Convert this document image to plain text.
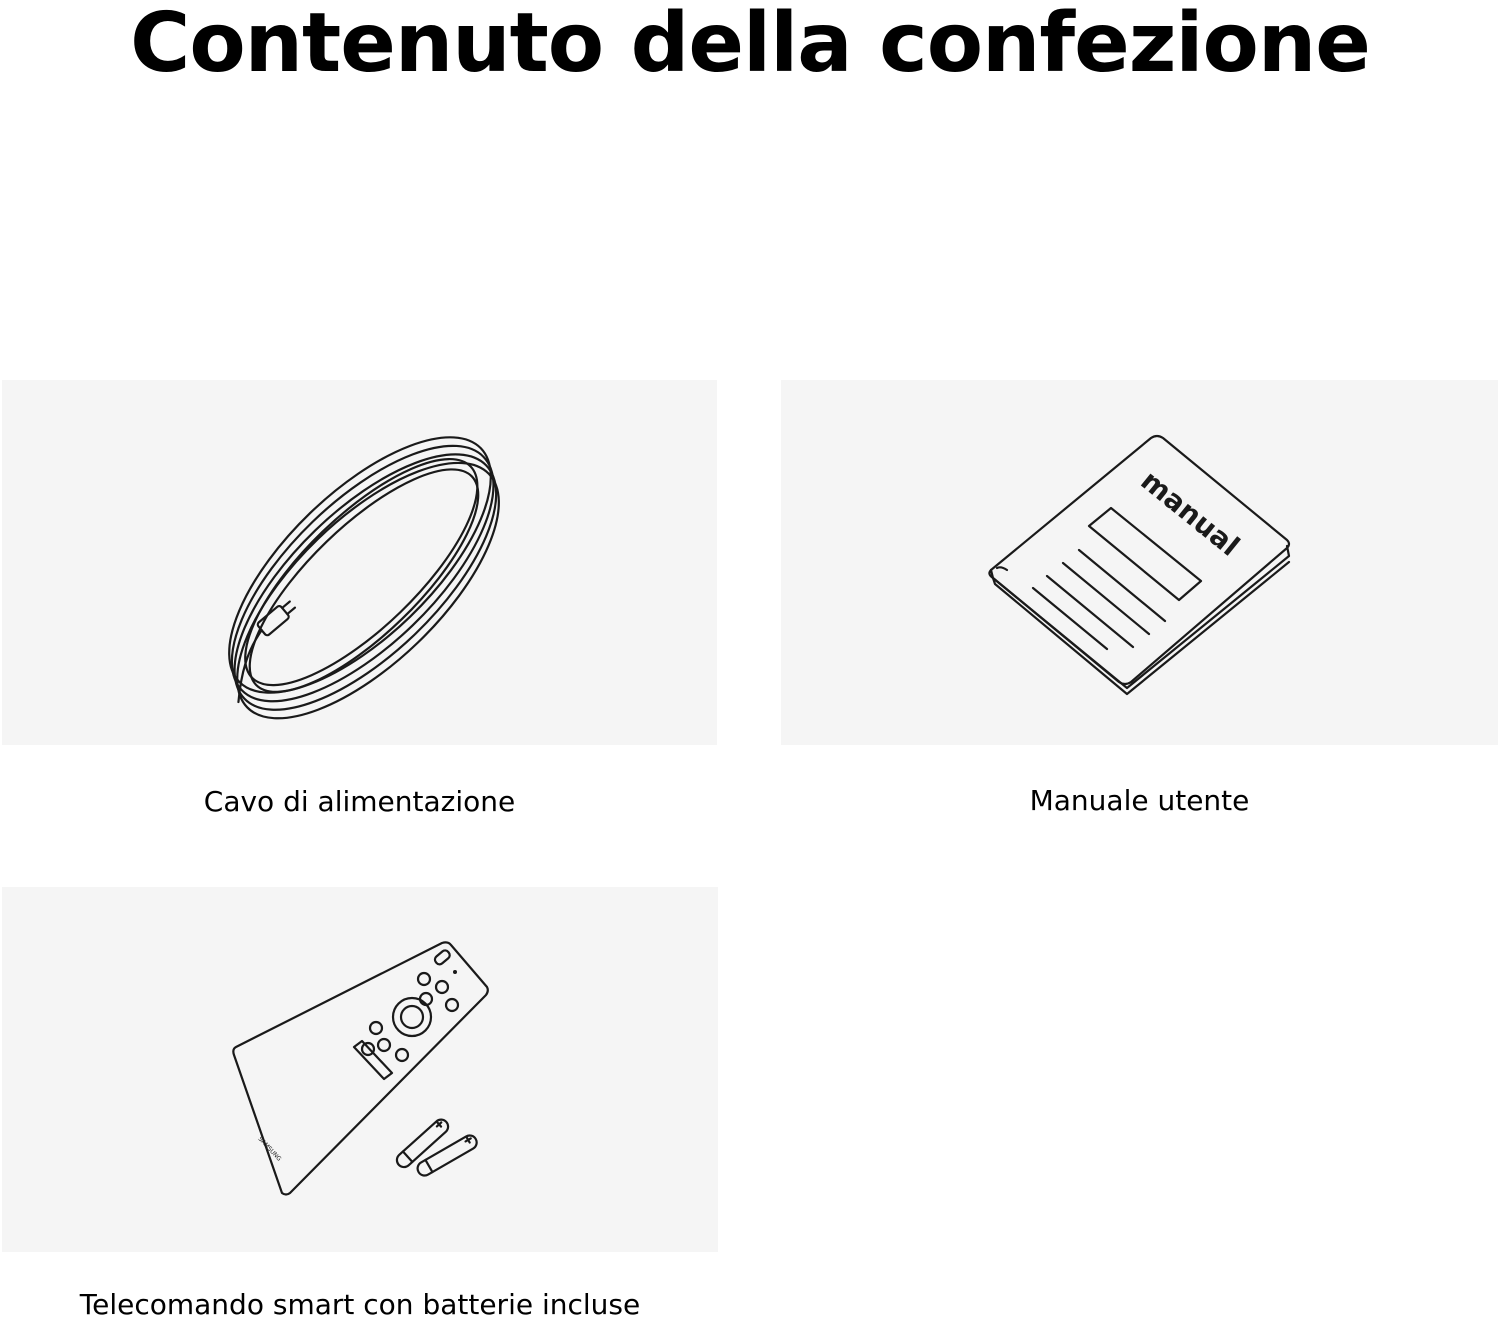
Contenuto della confezione
Cavo di alimentazione
manual
Manuale utente
SAMSUNG
Telecomando smart con batterie incluse
